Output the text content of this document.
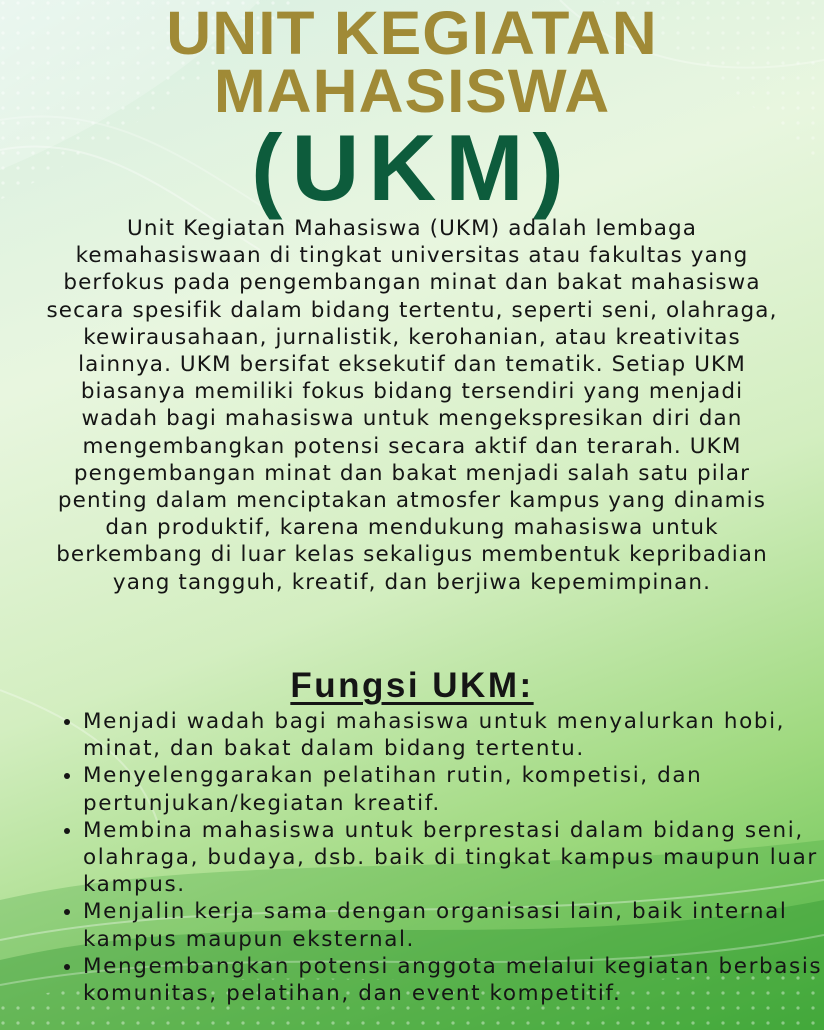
UNIT KEGIATAN
MAHASISWA
(UKM)

Unit Kegiatan Mahasiswa (UKM) adalah lembaga kemahasiswaan di tingkat universitas atau fakultas yang berfokus pada pengembangan minat dan bakat mahasiswa secara spesifik dalam bidang tertentu, seperti seni, olahraga, kewirausahaan, jurnalistik, kerohanian, atau kreativitas lainnya. UKM bersifat eksekutif dan tematik. Setiap UKM biasanya memiliki fokus bidang tersendiri yang menjadi wadah bagi mahasiswa untuk mengekspresikan diri dan mengembangkan potensi secara aktif dan terarah. UKM pengembangan minat dan bakat menjadi salah satu pilar penting dalam menciptakan atmosfer kampus yang dinamis dan produktif, karena mendukung mahasiswa untuk berkembang di luar kelas sekaligus membentuk kepribadian yang tangguh, kreatif, dan berjiwa kepemimpinan.

Fungsi UKM:
• Menjadi wadah bagi mahasiswa untuk menyalurkan hobi, minat, dan bakat dalam bidang tertentu.
• Menyelenggarakan pelatihan rutin, kompetisi, dan pertunjukan/kegiatan kreatif.
• Membina mahasiswa untuk berprestasi dalam bidang seni, olahraga, budaya, dsb. baik di tingkat kampus maupun luar kampus.
• Menjalin kerja sama dengan organisasi lain, baik internal kampus maupun eksternal.
• Mengembangkan potensi anggota melalui kegiatan berbasis komunitas, pelatihan, dan event kompetitif.
